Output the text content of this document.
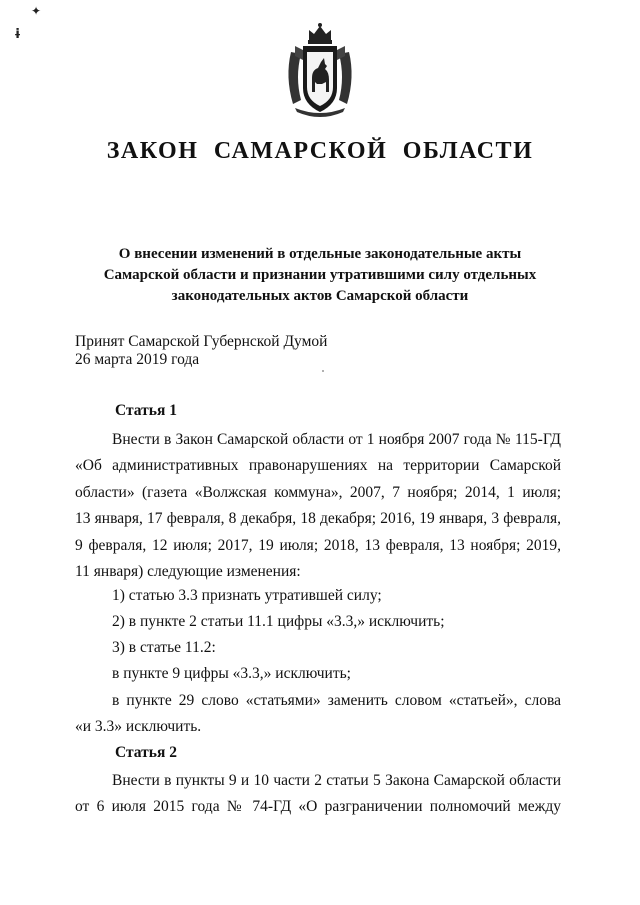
✦
ɨ
ЗАКОН САМАРСКОЙ ОБЛАСТИ
О внесении изменений в отдельные законодательные акты
Самарской области и признании утратившими силу отдельных
законодательных актов Самарской области
Принят Самарской Губернской Думой
26 марта 2019 года
Статья 1
Внести в Закон Самарской области от 1 ноября 2007 года № 115-ГД
«Об административных правонарушениях на территории Самарской
области» (газета «Волжская коммуна», 2007, 7 ноября; 2014, 1 июля;
13 января, 17 февраля, 8 декабря, 18 декабря; 2016, 19 января, 3 февраля,
9 февраля, 12 июля; 2017, 19 июля; 2018, 13 февраля, 13 ноября; 2019,
11 января) следующие изменения:
1) статью 3.3 признать утратившей силу;
2) в пункте 2 статьи 11.1 цифры «3.3,» исключить;
3) в статье 11.2:
в пункте 9 цифры «3.3,» исключить;
в пункте 29 слово «статьями» заменить словом «статьей», слова
«и 3.3» исключить.
Статья 2
Внести в пункты 9 и 10 части 2 статьи 5 Закона Самарской области
от 6 июля 2015 года № 74-ГД «О разграничении полномочий между
